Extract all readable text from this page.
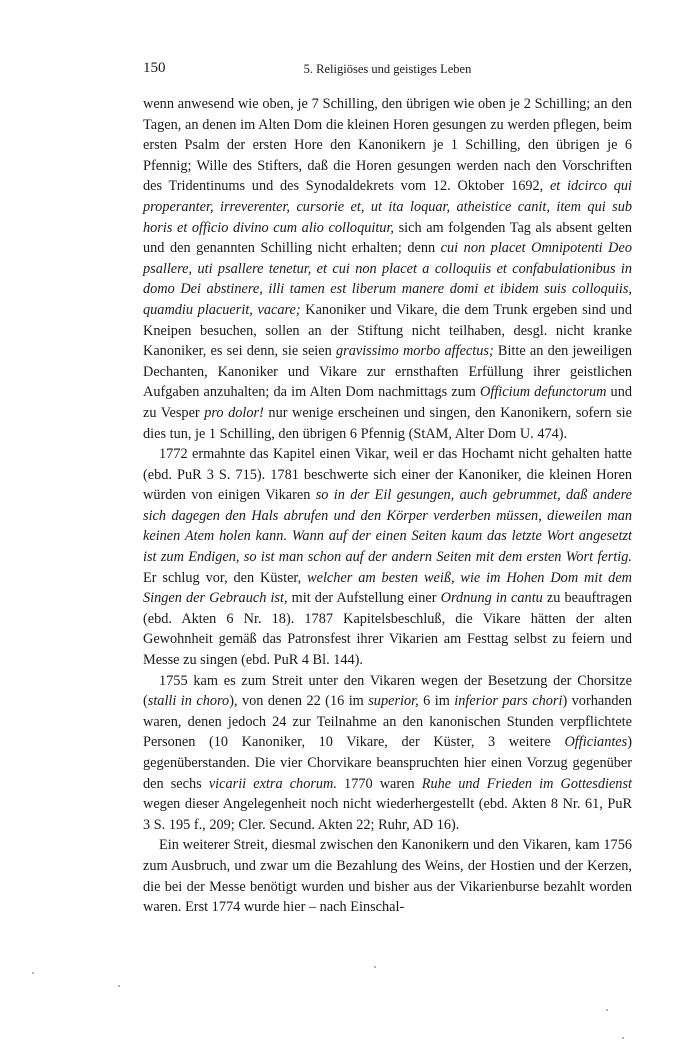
150	5. Religiöses und geistiges Leben

wenn anwesend wie oben, je 7 Schilling, den übrigen wie oben je 2 Schilling; an den Tagen, an denen im Alten Dom die kleinen Horen gesungen zu werden pflegen, beim ersten Psalm der ersten Hore den Kanonikern je 1 Schilling, den übrigen je 6 Pfennig; Wille des Stifters, daß die Horen gesungen werden nach den Vorschriften des Tridentinums und des Synodaldekrets vom 12. Oktober 1692, et idcirco qui properanter, irreverenter, cursorie et, ut ita loquar, atheistice canit, item qui sub horis et officio divino cum alio colloquitur, sich am folgenden Tag als absent gelten und den genannten Schilling nicht erhalten; denn cui non placet Omnipotenti Deo psallere, uti psallere tenetur, et cui non placet a colloquiis et confabulationibus in domo Dei abstinere, illi tamen est liberum manere domi et ibidem suis colloquiis, quamdiu placuerit, vacare; Kanoniker und Vikare, die dem Trunk ergeben sind und Kneipen besuchen, sollen an der Stiftung nicht teilhaben, desgl. nicht kranke Kanoniker, es sei denn, sie seien gravissimo morbo affectus; Bitte an den jeweiligen Dechanten, Kanoniker und Vikare zur ernsthaften Erfüllung ihrer geistlichen Aufgaben anzuhalten; da im Alten Dom nachmittags zum Officium defunctorum und zu Vesper pro dolor! nur wenige erscheinen und singen, den Kanonikern, sofern sie dies tun, je 1 Schilling, den übrigen 6 Pfennig (StAM, Alter Dom U. 474).

1772 ermahnte das Kapitel einen Vikar, weil er das Hochamt nicht gehalten hatte (ebd. PuR 3 S. 715). 1781 beschwerte sich einer der Kanoniker, die kleinen Horen würden von einigen Vikaren so in der Eil gesungen, auch gebrummet, daß andere sich dagegen den Hals abrufen und den Körper verderben müssen, dieweilen man keinen Atem holen kann. Wann auf der einen Seiten kaum das letzte Wort angesetzt ist zum Endigen, so ist man schon auf der andern Seiten mit dem ersten Wort fertig. Er schlug vor, den Küster, welcher am besten weiß, wie im Hohen Dom mit dem Singen der Gebrauch ist, mit der Aufstellung einer Ordnung in cantu zu beauftragen (ebd. Akten 6 Nr. 18). 1787 Kapitelsbeschluß, die Vikare hätten der alten Gewohnheit gemäß das Patronsfest ihrer Vikarien am Festtag selbst zu feiern und Messe zu singen (ebd. PuR 4 Bl. 144).

1755 kam es zum Streit unter den Vikaren wegen der Besetzung der Chorsitze (stalli in choro), von denen 22 (16 im superior, 6 im inferior pars chori) vorhanden waren, denen jedoch 24 zur Teilnahme an den kanonischen Stunden verpflichtete Personen (10 Kanoniker, 10 Vikare, der Küster, 3 weitere Officiantes) gegenüberstanden. Die vier Chorvikare beanspruchten hier einen Vorzug gegenüber den sechs vicarii extra chorum. 1770 waren Ruhe und Frieden im Gottesdienst wegen dieser Angelegenheit noch nicht wiederhergestellt (ebd. Akten 8 Nr. 61, PuR 3 S. 195 f., 209; Cler. Secund. Akten 22; Ruhr, AD 16).

Ein weiterer Streit, diesmal zwischen den Kanonikern und den Vikaren, kam 1756 zum Ausbruch, und zwar um die Bezahlung des Weins, der Hostien und der Kerzen, die bei der Messe benötigt wurden und bisher aus der Vikarienburse bezahlt worden waren. Erst 1774 wurde hier – nach Einschal-
